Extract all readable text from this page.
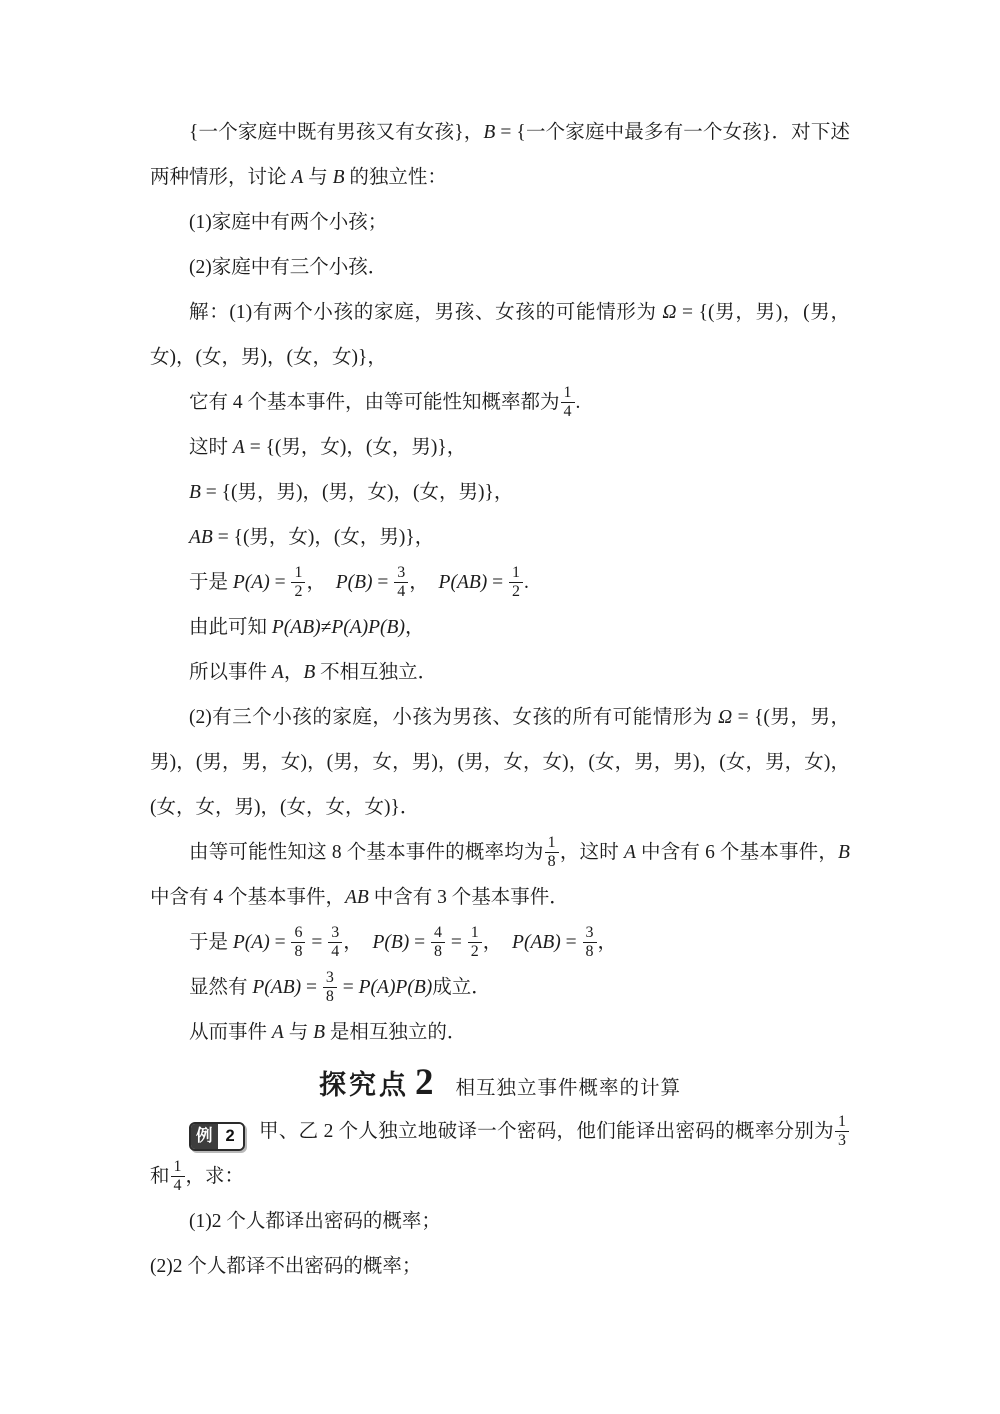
{一个家庭中既有男孩又有女孩}，B = {一个家庭中最多有一个女孩}．对下述两种情形，讨论 A 与 B 的独立性：

(1)家庭中有两个小孩；

(2)家庭中有三个小孩．

解：(1)有两个小孩的家庭，男孩、女孩的可能情形为 Ω = {(男，男)，(男，女)，(女，男)，(女，女)}，

它有 4 个基本事件，由等可能性知概率都为 $\frac{1}{4}$ .

这时 A = {(男，女)，(女，男)}，

B = {(男，男)，(男，女)，(女，男)}，

AB = {(男，女)，(女，男)}，

于是 $P(A) = \frac{1}{2}$ ， $P(B) = \frac{3}{4}$ ， $P(AB) = \frac{1}{2}$ .

由此可知 P(AB)≠P(A)P(B)，

所以事件 A，B 不相互独立．

(2)有三个小孩的家庭，小孩为男孩、女孩的所有可能情形为 Ω = {(男，男，男)，(男，男，女)，(男，女，男)，(男，女，女)，(女，男，男)，(女，男，女)，(女，女，男)，(女，女，女)}．

由等可能性知这 8 个基本事件的概率均为 $\frac{1}{8}$ ，这时 A 中含有 6 个基本事件，B 中含有 4 个基本事件，AB 中含有 3 个基本事件．

于是 $P(A) = \frac{6}{8} = \frac{3}{4}$ ， $P(B) = \frac{4}{8} = \frac{1}{2}$ ， $P(AB) = \frac{3}{8}$ ，

显然有 $P(AB) = \frac{3}{8} = P(A)P(B)$成立．

从而事件 A 与 B 是相互独立的．

探究点 2 相互独立事件概率的计算

例 2	甲、乙 2 个人独立地破译一个密码，他们能译出密码的概率分别为 $\frac{1}{3}$
和 $\frac{1}{4}$ ，求：

(1)2 个人都译出密码的概率；

(2)2 个人都译不出密码的概率；
